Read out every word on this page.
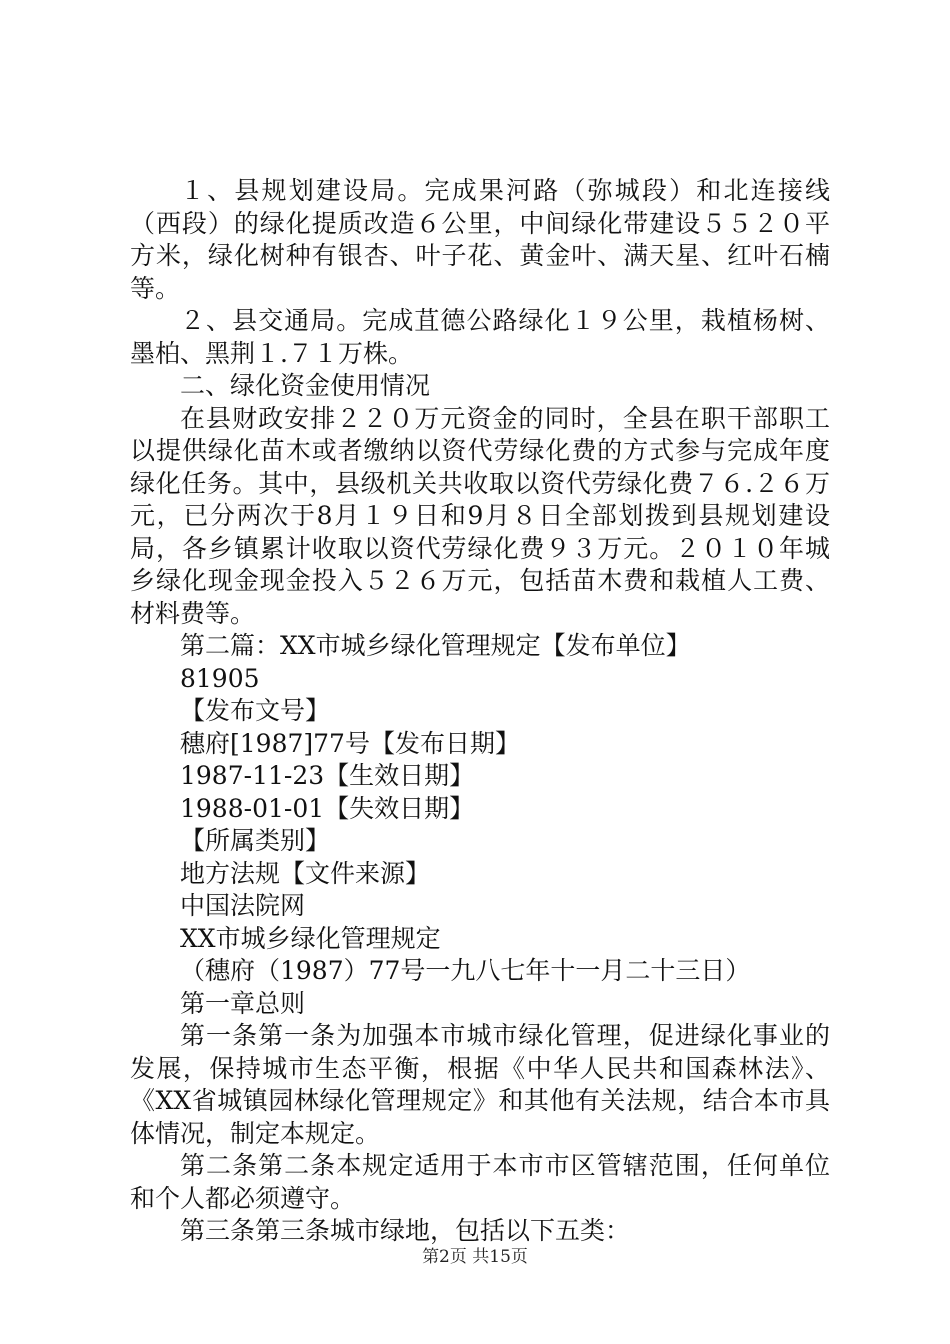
１、县规划建设局。完成果河路（弥城段）和北连接线
（西段）的绿化提质改造６公里，中间绿化带建设５５２０平
方米，绿化树种有银杏、叶子花、黄金叶、满天星、红叶石楠
等。
２、县交通局。完成苴德公路绿化１９公里，栽植杨树、
墨柏、黑荆１.７１万株。
二、绿化资金使用情况
在县财政安排２２０万元资金的同时，全县在职干部职工
以提供绿化苗木或者缴纳以资代劳绿化费的方式参与完成年度
绿化任务。其中，县级机关共收取以资代劳绿化费７６.２６万
元，已分两次于8月１９日和9月８日全部划拨到县规划建设
局，各乡镇累计收取以资代劳绿化费９３万元。２０１０年城
乡绿化现金现金投入５２６万元，包括苗木费和栽植人工费、
材料费等。
第二篇：XX市城乡绿化管理规定【发布单位】
81905
【发布文号】
穗府[1987]77号【发布日期】
1987-11-23【生效日期】
1988-01-01【失效日期】
【所属类别】
地方法规【文件来源】
中国法院网
XX市城乡绿化管理规定
（穗府（1987）77号一九八七年十一月二十三日）
第一章总则
第一条第一条为加强本市城市绿化管理，促进绿化事业的
发展，保持城市生态平衡，根据《中华人民共和国森林法》、
《XX省城镇园林绿化管理规定》和其他有关法规，结合本市具
体情况，制定本规定。
第二条第二条本规定适用于本市市区管辖范围，任何单位
和个人都必须遵守。
第三条第三条城市绿地，包括以下五类：
第2页 共15页
